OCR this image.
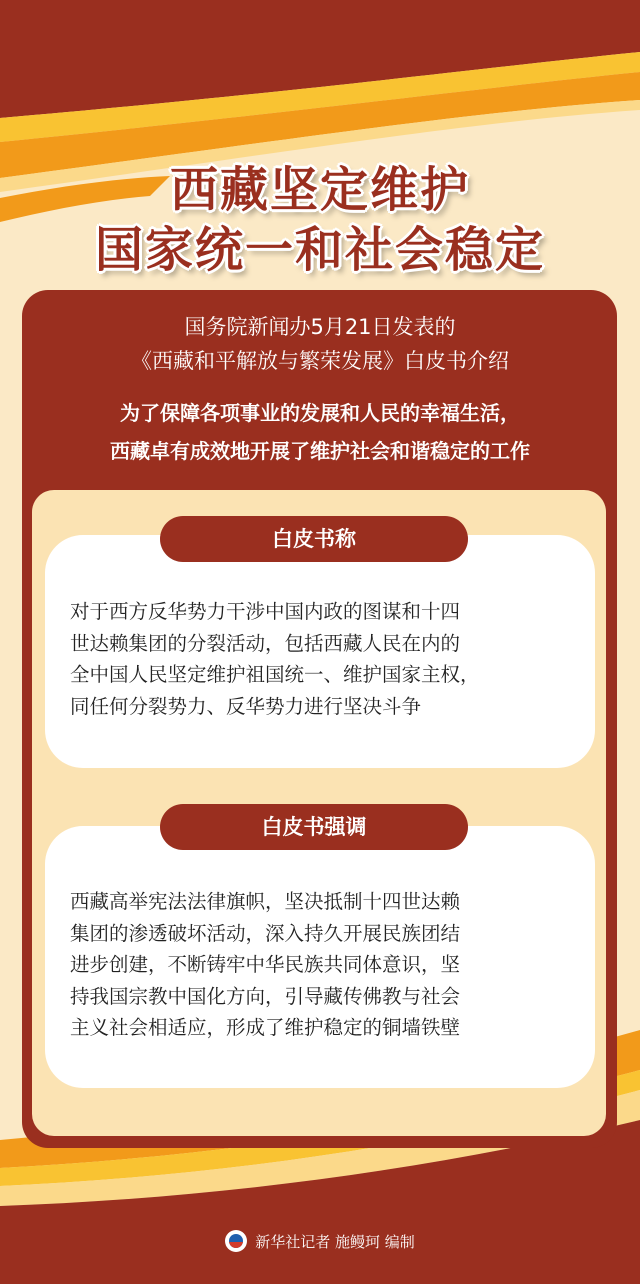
西藏坚定维护
国家统一和社会稳定
国务院新闻办5月21日发表的
《西藏和平解放与繁荣发展》白皮书介绍
为了保障各项事业的发展和人民的幸福生活，
西藏卓有成效地开展了维护社会和谐稳定的工作
白皮书称
对于西方反华势力干涉中国内政的图谋和十四
世达赖集团的分裂活动，包括西藏人民在内的
全中国人民坚定维护祖国统一、维护国家主权，
同任何分裂势力、反华势力进行坚决斗争
白皮书强调
西藏高举宪法法律旗帜，坚决抵制十四世达赖
集团的渗透破坏活动，深入持久开展民族团结
进步创建，不断铸牢中华民族共同体意识，坚
持我国宗教中国化方向，引导藏传佛教与社会
主义社会相适应，形成了维护稳定的铜墙铁壁
新华社记者 施鳗珂 编制
